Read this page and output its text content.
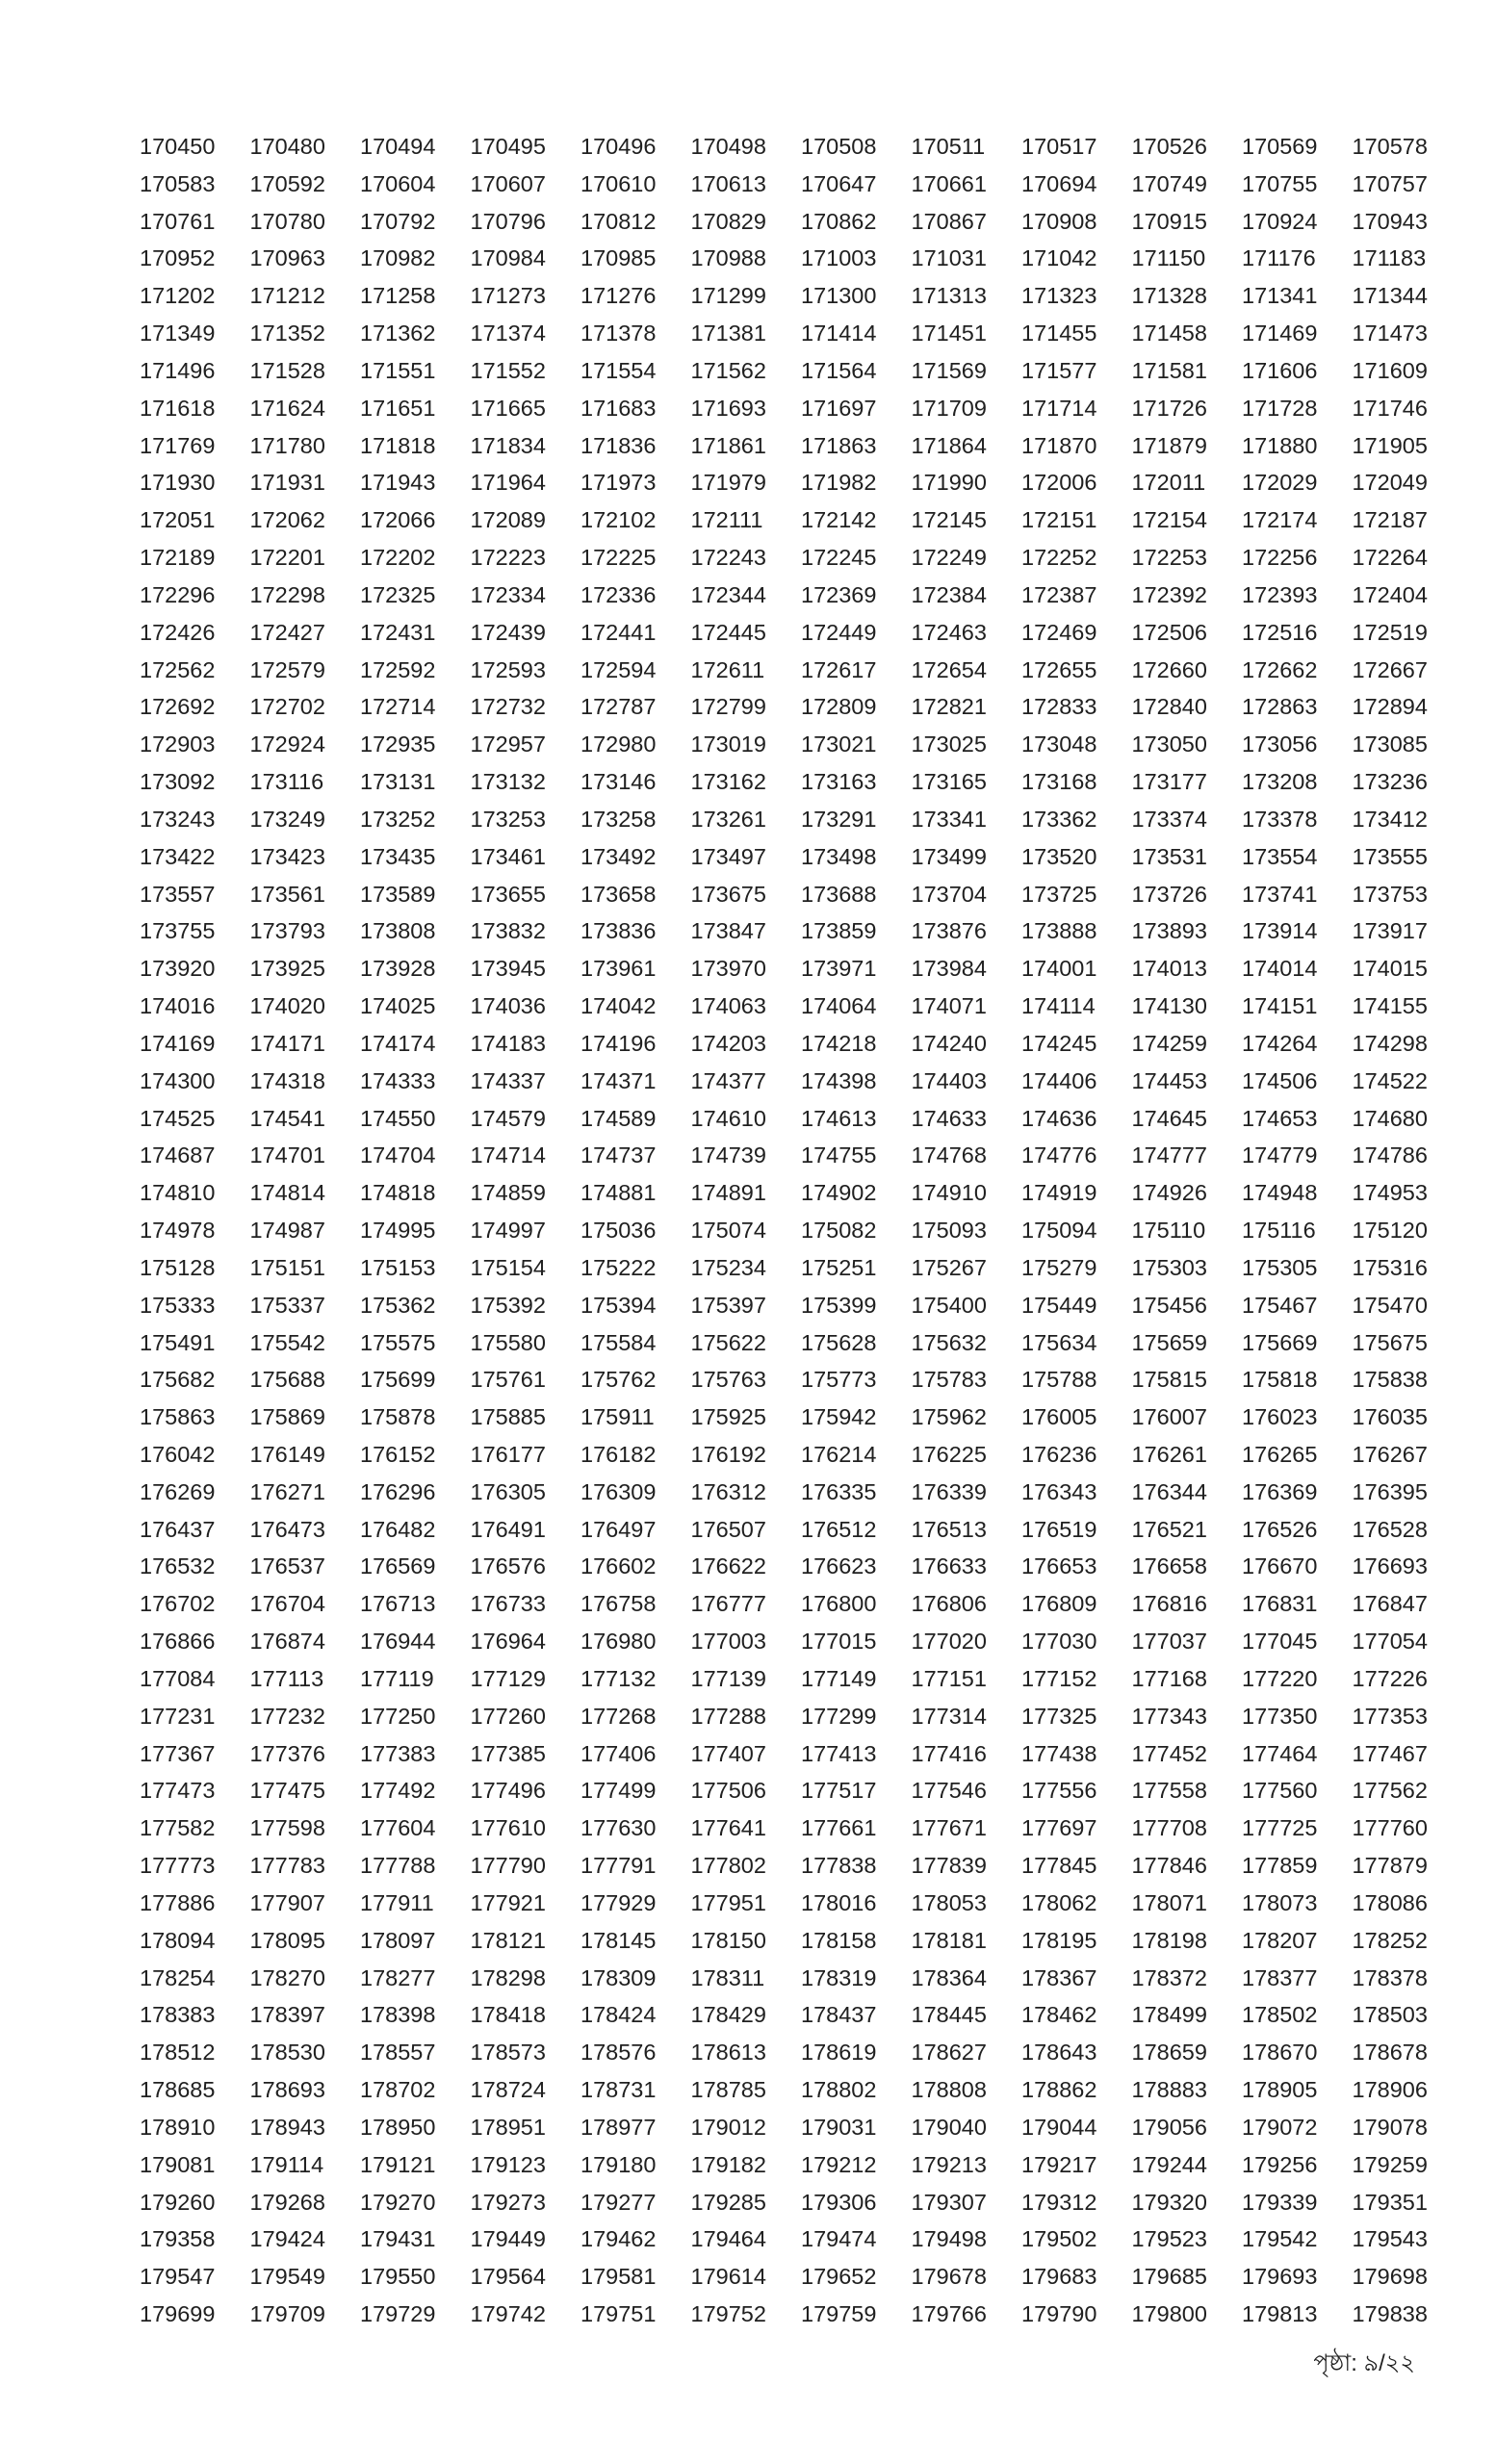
170450	170480	170494	170495	170496	170498	170508	170511	170517	170526	170569	170578
170583	170592	170604	170607	170610	170613	170647	170661	170694	170749	170755	170757
170761	170780	170792	170796	170812	170829	170862	170867	170908	170915	170924	170943
170952	170963	170982	170984	170985	170988	171003	171031	171042	171150	171176	171183
171202	171212	171258	171273	171276	171299	171300	171313	171323	171328	171341	171344
171349	171352	171362	171374	171378	171381	171414	171451	171455	171458	171469	171473
171496	171528	171551	171552	171554	171562	171564	171569	171577	171581	171606	171609
171618	171624	171651	171665	171683	171693	171697	171709	171714	171726	171728	171746
171769	171780	171818	171834	171836	171861	171863	171864	171870	171879	171880	171905
171930	171931	171943	171964	171973	171979	171982	171990	172006	172011	172029	172049
172051	172062	172066	172089	172102	172111	172142	172145	172151	172154	172174	172187
172189	172201	172202	172223	172225	172243	172245	172249	172252	172253	172256	172264
172296	172298	172325	172334	172336	172344	172369	172384	172387	172392	172393	172404
172426	172427	172431	172439	172441	172445	172449	172463	172469	172506	172516	172519
172562	172579	172592	172593	172594	172611	172617	172654	172655	172660	172662	172667
172692	172702	172714	172732	172787	172799	172809	172821	172833	172840	172863	172894
172903	172924	172935	172957	172980	173019	173021	173025	173048	173050	173056	173085
173092	173116	173131	173132	173146	173162	173163	173165	173168	173177	173208	173236
173243	173249	173252	173253	173258	173261	173291	173341	173362	173374	173378	173412
173422	173423	173435	173461	173492	173497	173498	173499	173520	173531	173554	173555
173557	173561	173589	173655	173658	173675	173688	173704	173725	173726	173741	173753
173755	173793	173808	173832	173836	173847	173859	173876	173888	173893	173914	173917
173920	173925	173928	173945	173961	173970	173971	173984	174001	174013	174014	174015
174016	174020	174025	174036	174042	174063	174064	174071	174114	174130	174151	174155
174169	174171	174174	174183	174196	174203	174218	174240	174245	174259	174264	174298
174300	174318	174333	174337	174371	174377	174398	174403	174406	174453	174506	174522
174525	174541	174550	174579	174589	174610	174613	174633	174636	174645	174653	174680
174687	174701	174704	174714	174737	174739	174755	174768	174776	174777	174779	174786
174810	174814	174818	174859	174881	174891	174902	174910	174919	174926	174948	174953
174978	174987	174995	174997	175036	175074	175082	175093	175094	175110	175116	175120
175128	175151	175153	175154	175222	175234	175251	175267	175279	175303	175305	175316
175333	175337	175362	175392	175394	175397	175399	175400	175449	175456	175467	175470
175491	175542	175575	175580	175584	175622	175628	175632	175634	175659	175669	175675
175682	175688	175699	175761	175762	175763	175773	175783	175788	175815	175818	175838
175863	175869	175878	175885	175911	175925	175942	175962	176005	176007	176023	176035
176042	176149	176152	176177	176182	176192	176214	176225	176236	176261	176265	176267
176269	176271	176296	176305	176309	176312	176335	176339	176343	176344	176369	176395
176437	176473	176482	176491	176497	176507	176512	176513	176519	176521	176526	176528
176532	176537	176569	176576	176602	176622	176623	176633	176653	176658	176670	176693
176702	176704	176713	176733	176758	176777	176800	176806	176809	176816	176831	176847
176866	176874	176944	176964	176980	177003	177015	177020	177030	177037	177045	177054
177084	177113	177119	177129	177132	177139	177149	177151	177152	177168	177220	177226
177231	177232	177250	177260	177268	177288	177299	177314	177325	177343	177350	177353
177367	177376	177383	177385	177406	177407	177413	177416	177438	177452	177464	177467
177473	177475	177492	177496	177499	177506	177517	177546	177556	177558	177560	177562
177582	177598	177604	177610	177630	177641	177661	177671	177697	177708	177725	177760
177773	177783	177788	177790	177791	177802	177838	177839	177845	177846	177859	177879
177886	177907	177911	177921	177929	177951	178016	178053	178062	178071	178073	178086
178094	178095	178097	178121	178145	178150	178158	178181	178195	178198	178207	178252
178254	178270	178277	178298	178309	178311	178319	178364	178367	178372	178377	178378
178383	178397	178398	178418	178424	178429	178437	178445	178462	178499	178502	178503
178512	178530	178557	178573	178576	178613	178619	178627	178643	178659	178670	178678
178685	178693	178702	178724	178731	178785	178802	178808	178862	178883	178905	178906
178910	178943	178950	178951	178977	179012	179031	179040	179044	179056	179072	179078
179081	179114	179121	179123	179180	179182	179212	179213	179217	179244	179256	179259
179260	179268	179270	179273	179277	179285	179306	179307	179312	179320	179339	179351
179358	179424	179431	179449	179462	179464	179474	179498	179502	179523	179542	179543
179547	179549	179550	179564	179581	179614	179652	179678	179683	179685	179693	179698
179699	179709	179729	179742	179751	179752	179759	179766	179790	179800	179813	179838
পৃষ্ঠা: ৯/২২
